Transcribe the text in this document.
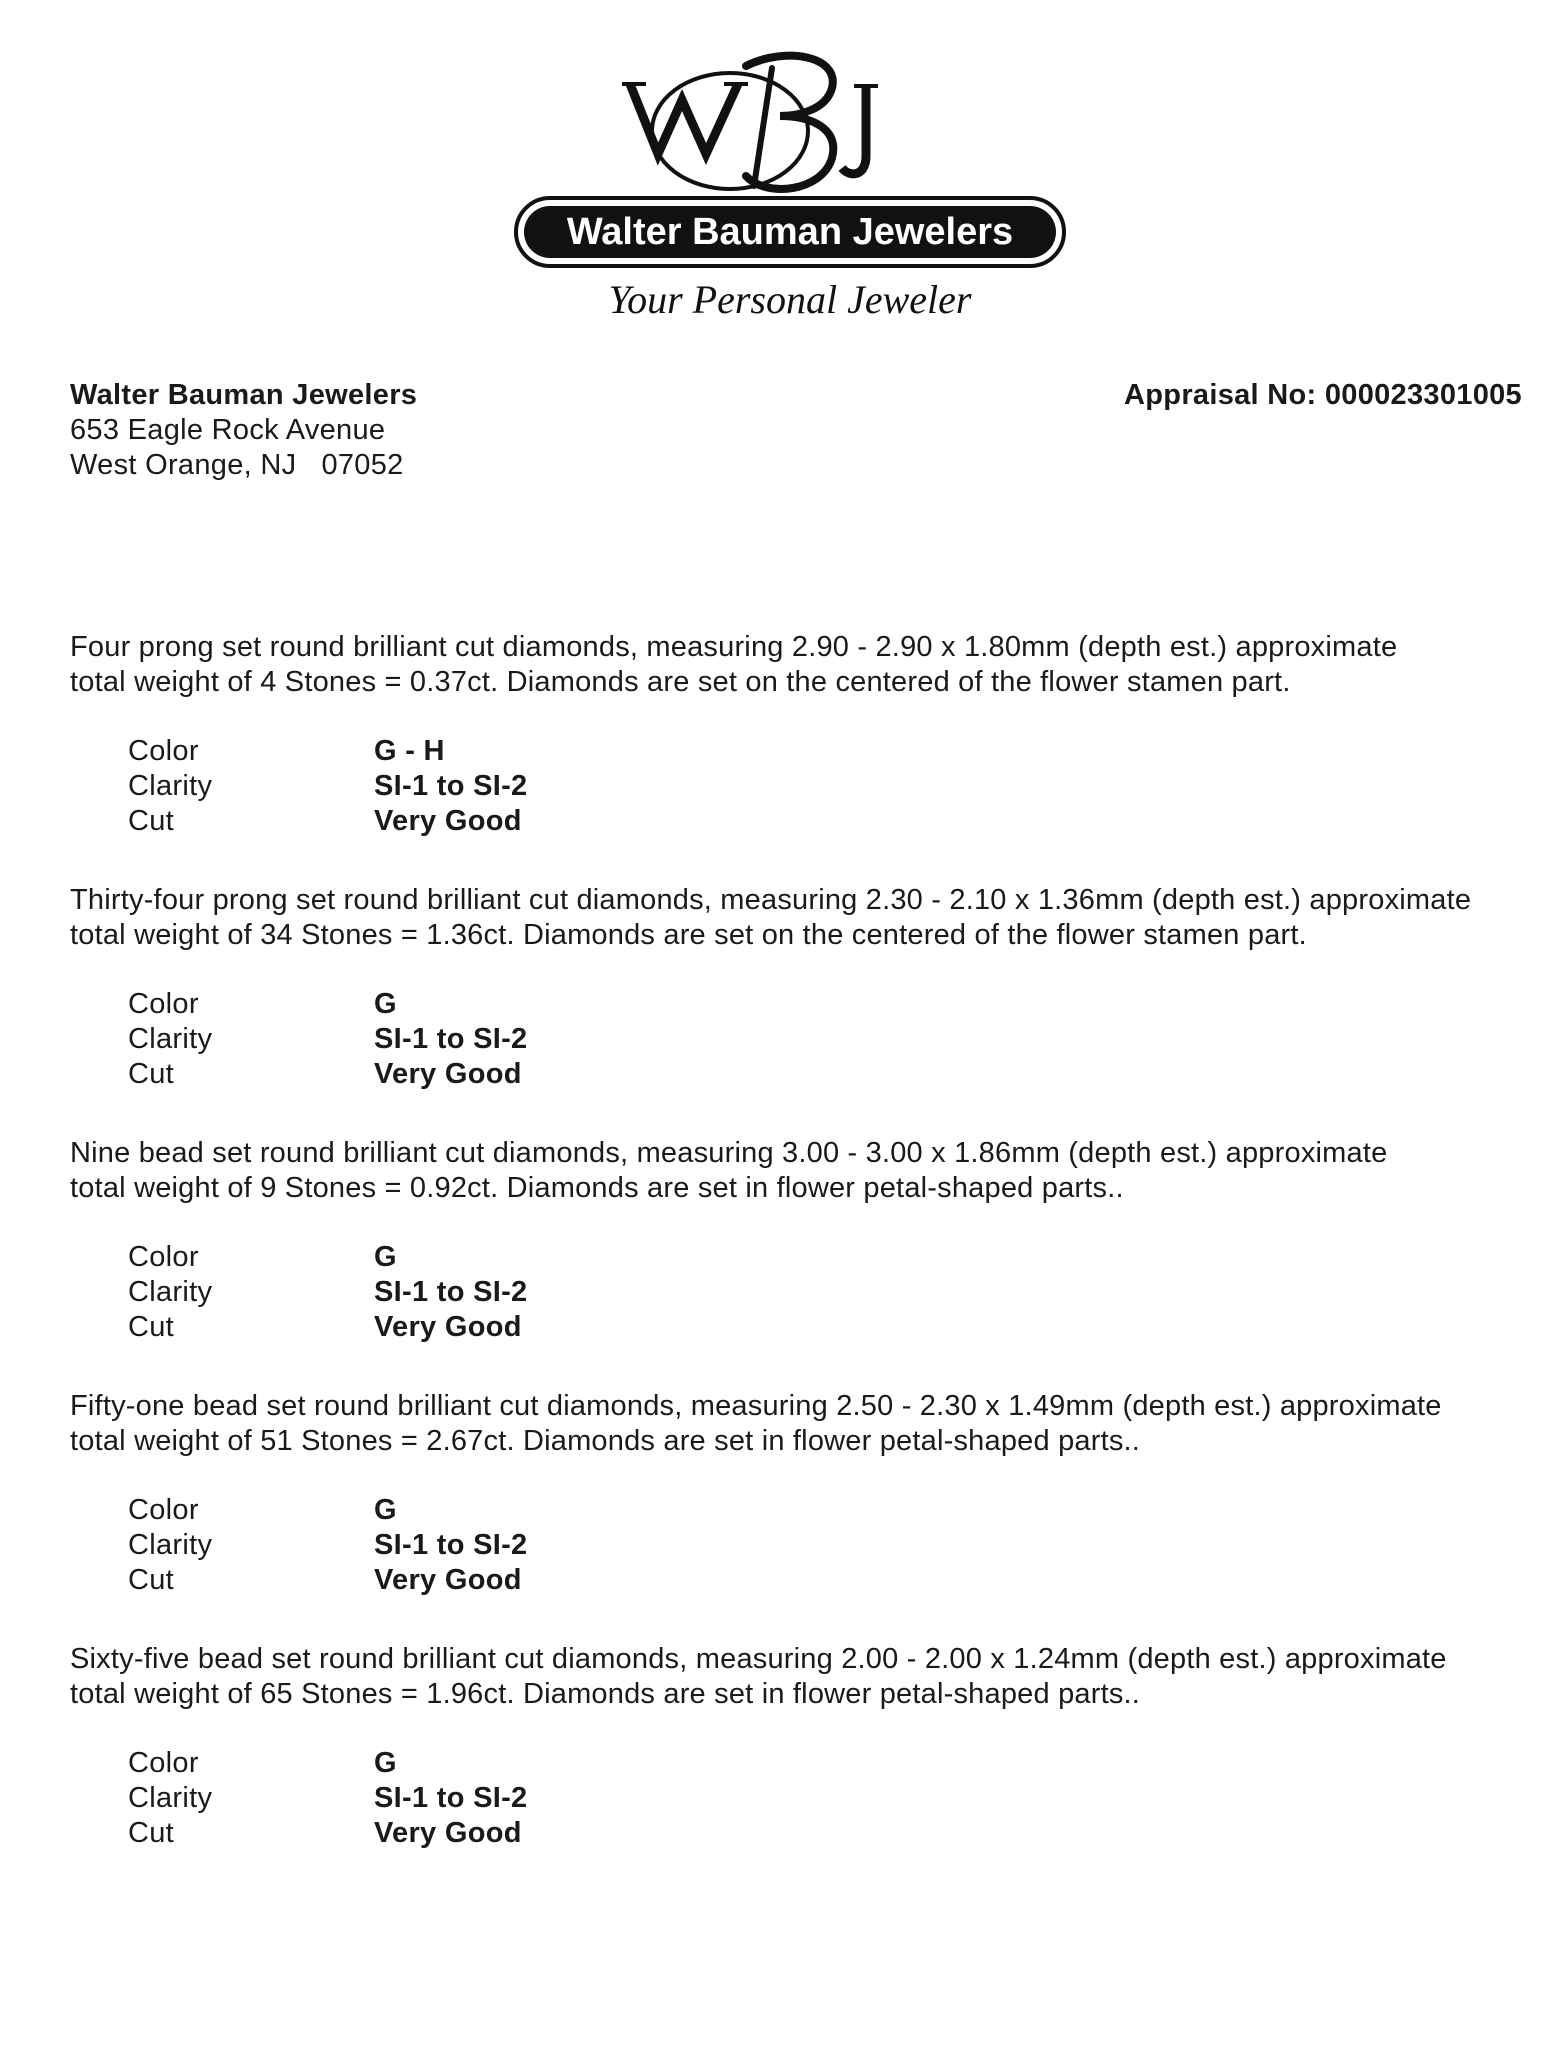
Walter Bauman Jewelers
Your Personal Jeweler
Walter Bauman Jewelers
653 Eagle Rock Avenue
West Orange, NJ   07052
Appraisal No: 000023301005
Four prong set round brilliant cut diamonds, measuring 2.90 - 2.90 x 1.80mm (depth est.) approximate
total weight of 4 Stones = 0.37ct. Diamonds are set on the centered of the flower stamen part.
Color	G - H
Clarity	SI-1 to SI-2
Cut	Very Good
Thirty-four prong set round brilliant cut diamonds, measuring 2.30 - 2.10 x 1.36mm (depth est.) approximate
total weight of 34 Stones = 1.36ct. Diamonds are set on the centered of the flower stamen part.
Color	G
Clarity	SI-1 to SI-2
Cut	Very Good
Nine bead set round brilliant cut diamonds, measuring 3.00 - 3.00 x 1.86mm (depth est.) approximate
total weight of 9 Stones = 0.92ct. Diamonds are set in flower petal-shaped parts..
Color	G
Clarity	SI-1 to SI-2
Cut	Very Good
Fifty-one bead set round brilliant cut diamonds, measuring 2.50 - 2.30 x 1.49mm (depth est.) approximate
total weight of 51 Stones = 2.67ct. Diamonds are set in flower petal-shaped parts..
Color	G
Clarity	SI-1 to SI-2
Cut	Very Good
Sixty-five bead set round brilliant cut diamonds, measuring 2.00 - 2.00 x 1.24mm (depth est.) approximate
total weight of 65 Stones = 1.96ct. Diamonds are set in flower petal-shaped parts..
Color	G
Clarity	SI-1 to SI-2
Cut	Very Good
